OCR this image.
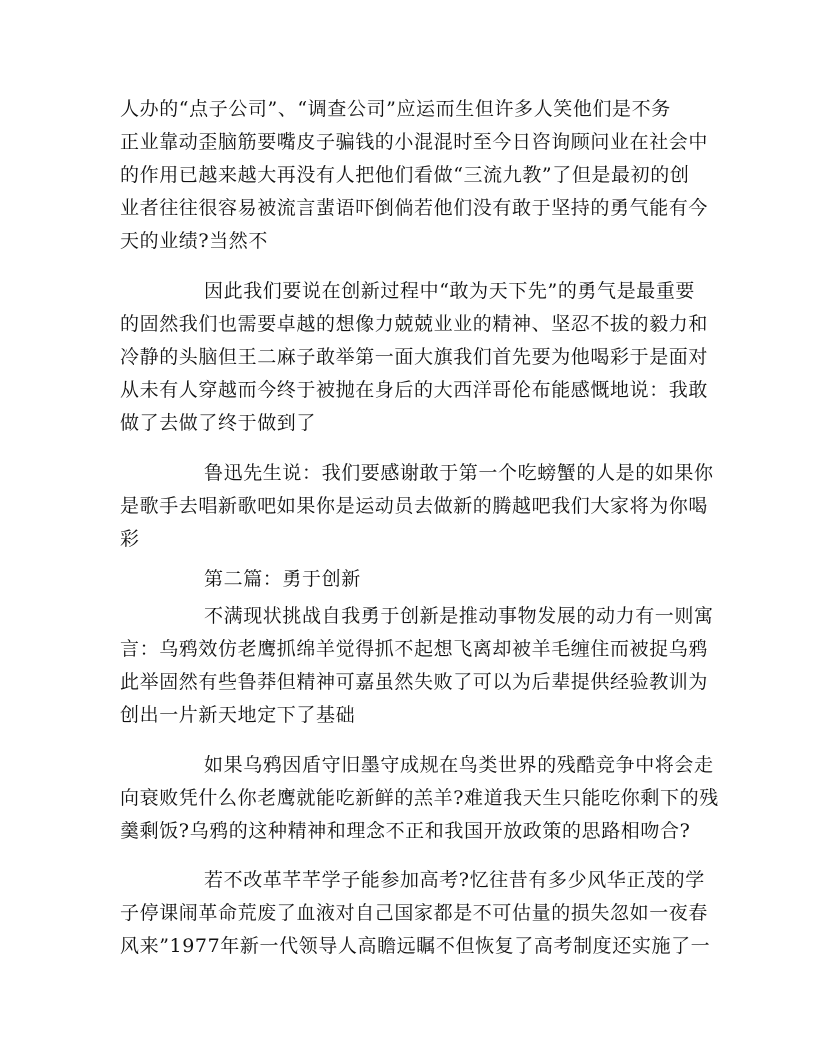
人办的“点子公司”、“调查公司”应运而生但许多人笑他们是不务
正业靠动歪脑筋要嘴皮子骗钱的小混混时至今日咨询顾问业在社会中
的作用已越来越大再没有人把他们看做“三流九教”了但是最初的创
业者往往很容易被流言蜚语吓倒倘若他们没有敢于坚持的勇气能有今
天的业绩?当然不
因此我们要说在创新过程中“敢为天下先”的勇气是最重要
的固然我们也需要卓越的想像力兢兢业业的精神、坚忍不拔的毅力和
冷静的头脑但王二麻子敢举第一面大旗我们首先要为他喝彩于是面对
从未有人穿越而今终于被抛在身后的大西洋哥伦布能感慨地说：我敢
做了去做了终于做到了
鲁迅先生说：我们要感谢敢于第一个吃螃蟹的人是的如果你
是歌手去唱新歌吧如果你是运动员去做新的腾越吧我们大家将为你喝
彩
第二篇：勇于创新
不满现状挑战自我勇于创新是推动事物发展的动力有一则寓
言：乌鸦效仿老鹰抓绵羊觉得抓不起想飞离却被羊毛缠住而被捉乌鸦
此举固然有些鲁莽但精神可嘉虽然失败了可以为后辈提供经验教训为
创出一片新天地定下了基础
如果乌鸦因盾守旧墨守成规在鸟类世界的残酷竞争中将会走
向衰败凭什么你老鹰就能吃新鲜的羔羊?难道我天生只能吃你剩下的残
羹剩饭?乌鸦的这种精神和理念不正和我国开放政策的思路相吻合?
若不改革芊芊学子能参加高考?忆往昔有多少风华正茂的学
子停课闹革命荒废了血液对自己国家都是不可估量的损失忽如一夜春
风来”1977年新一代领导人高瞻远瞩不但恢复了高考制度还实施了一
